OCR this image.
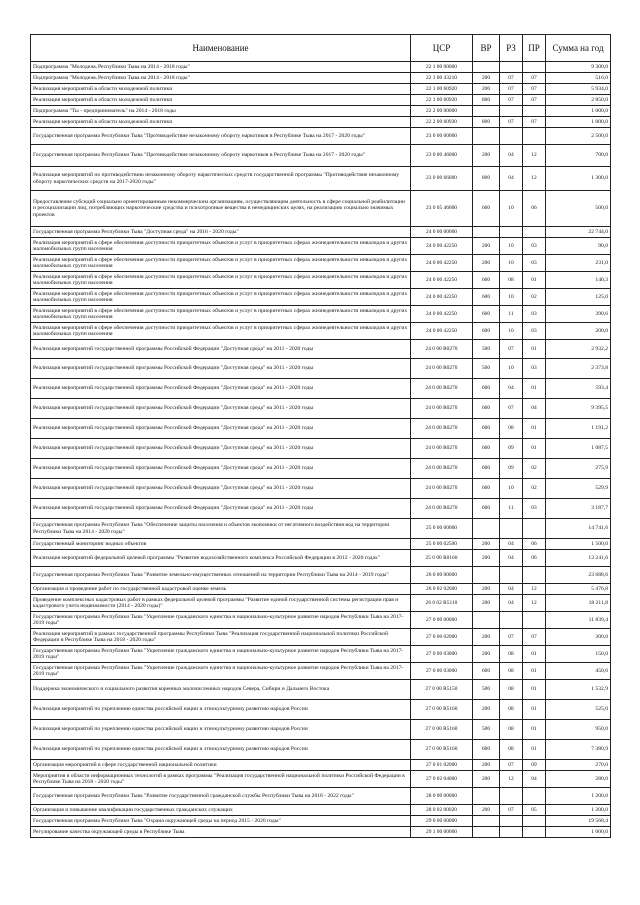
Наименование	ЦСР	ВР	РЗ	ПР	Сумма на год
Подпрограмма "Молодежь Республики Тыва на 2014 - 2018 годы"	22 1 00 00000				9 300,0
Подпрограмма "Молодежь Республики Тыва на 2014 - 2018 годы"	22 1 00 43210	200	07	07	516,0
Реализация мероприятий в области молодежной политики	22 1 00 60920	200	07	07	5 934,0
Реализация мероприятий в области молодежной политики	22 1 00 60920	800	07	07	2 850,0
Подпрограмма "Ты - предприниматель" на 2014 - 2018 годы	22 2 00 00000				1 000,0
Реализация мероприятий в области молодежной политики	22 2 00 60930	800	07	07	1 000,0
Государственная программа Республики Тыва "Противодействие незаконному обороту наркотиков в Республике Тыва на 2017 - 2020 годы"	23 0 00 00000				2 500,0
Государственная программа Республики Тыва "Противодействие незаконному обороту наркотиков в Республике Тыва на 2017 - 2020 годы"	23 0 00 46000	200	04	12	700,0
Реализация мероприятий по противодействию незаконному обороту наркотических средств государственной программы "Противодействие незаконному обороту наркотических средств на 2017-2020 годы"	23 0 00 66000	800	04	12	1 300,0
Предоставление субсидий социально ориентированным некоммерческим организациям, осуществляющим деятельность в сфере социальной реабилитации и ресоциализации лиц, потребляющих наркотические средства и психотропные вещества в немедицинских целях, на реализацию социально значимых проектов	23 0 05 46000	600	10	06	500,0
Государственная программа Республики Тыва "Доступная среда" на 2016 - 2020 годы"	24 0 00 00000				22 744,0
Реализация мероприятий в сфере обеспечения доступности приоритетных объектов и услуг в приоритетных сферах жизнедеятельности инвалидов и других маломобильных групп населения	24 0 00 42250	200	10	03	90,0
Реализация мероприятий в сфере обеспечения доступности приоритетных объектов и услуг в приоритетных сферах жизнедеятельности инвалидов и других маломобильных групп населения	24 0 00 42250	200	10	03	231,0
Реализация мероприятий в сфере обеспечения доступности приоритетных объектов и услуг в приоритетных сферах жизнедеятельности инвалидов и других маломобильных групп населения	24 0 00 42250	600	08	01	140,3
Реализация мероприятий в сфере обеспечения доступности приоритетных объектов и услуг в приоритетных сферах жизнедеятельности инвалидов и других маломобильных групп населения	24 0 00 42250	600	10	02	125,0
Реализация мероприятий в сфере обеспечения доступности приоритетных объектов и услуг в приоритетных сферах жизнедеятельности инвалидов и других маломобильных групп населения	24 0 00 42250	600	11	03	390,6
Реализация мероприятий в сфере обеспечения доступности приоритетных объектов и услуг в приоритетных сферах жизнедеятельности инвалидов и других маломобильных групп населения	24 0 00 42250	600	10	03	200,0
Реализация мероприятий государственной программы Российской Федерации "Доступная среда" на 2011 - 2020 годы	24 0 00 R0270	500	07	01	2 932,2
Реализация мероприятий государственной программы Российской Федерации "Доступная среда" на 2011 - 2020 годы	24 0 00 R0270	500	10	03	2 373,8
Реализация мероприятий государственной программы Российской Федерации "Доступная среда" на 2011 - 2020 годы	24 0 00 R0270	600	04	01	593,4
Реализация мероприятий государственной программы Российской Федерации "Доступная среда" на 2011 - 2020 годы	24 0 00 R0270	600	07	04	9 395,5
Реализация мероприятий государственной программы Российской Федерации "Доступная среда" на 2011 - 2020 годы	24 0 00 R0270	600	08	01	1 191,2
Реализация мероприятий государственной программы Российской Федерации "Доступная среда" на 2011 - 2020 годы	24 0 00 R0270	600	09	01	1 087,5
Реализация мероприятий государственной программы Российской Федерации "Доступная среда" на 2011 - 2020 годы	24 0 00 R0270	600	09	02	275,9
Реализация мероприятий государственной программы Российской Федерации "Доступная среда" на 2011 - 2020 годы	24 0 00 R0270	600	10	02	529,9
Реализация мероприятий государственной программы Российской Федерации "Доступная среда" на 2011 - 2020 годы	24 0 00 R0270	600	11	03	3 187,7
Государственная программа Республики Тыва "Обеспечение защиты населения и объектов экономики от негативного воздействия вод на территории Республики Тыва на 2014 - 2020 годы"	25 0 00 00000				14 741,6
Государственный мониторинг водных объектов	25 0 00 02500	200	04	06	1 500,0
Реализация мероприятий федеральной целевой программы "Развитие водохозяйственного комплекса Российской Федерации в 2012 - 2020 годах"	25 0 00 R0160	200	04	06	13 241,6
Государственная программа Республики Тыва "Развитие земельно-имущественных отношений на территории Республики Тыва на 2014 - 2019 годы"	26 0 00 00000				23 688,6
Организация и проведение работ по государственной кадастровой оценке земель	26 0 02 02600	200	04	12	5 476,8
Проведение комплексных кадастровых работ в рамках федеральной целевой программы "Развитие единой государственной системы регистрации прав и кадастрового учета недвижимости (2014 - 2020 годы)"	26 0 02 R5110	200	04	12	18 211,8
Государственная программа Республики Тыва "Укрепление гражданского единства и национально-культурное развитие народов Республики Тыва на 2017-2019 годы"	27 0 00 00000				11 839,4
Реализация мероприятий в рамках государственной программы Республики Тыва "Реализация государственной национальной политики Российской Федерации в Республике Тыва на 2018 - 2020 годы"	27 0 00 02000	200	07	07	300,0
Государственная программа Республики Тыва "Укрепление гражданского единства и национально-культурное развитие народов Республики Тыва на 2017-2019 годы"	27 0 00 03000	200	08	01	150,0
Государственная программа Республики Тыва "Укрепление гражданского единства и национально-культурное развитие народов Республики Тыва на 2017-2019 годы"	27 0 00 03000	600	08	01	450,6
Поддержка экономического и социального развития коренных малочисленных народов Севера, Сибири и Дальнего Востока	27 0 00 R5150	500	08	01	1 532,9
Реализация мероприятий по укреплению единства российской нации и этнокультурному развитию народов России	27 0 00 R5160	200	08	01	525,0
Реализация мероприятий по укреплению единства российской нации и этнокультурному развитию народов России	27 0 00 R5160	500	08	01	950,0
Реализация мероприятий по укреплению единства российской нации и этнокультурному развитию народов России	27 0 00 R5160	600	08	01	7 380,9
Организация мероприятий в сфере государственной национальной политики	27 0 01 02000	200	07	09	270,0
Мероприятия в области информационных технологий в рамках программы "Реализация государственной национальной политики Российской Федерации в Республике Тыва на 2018 - 2020 годы"	27 0 02 04000	200	12	04	280,0
Государственная программа Республики Тыва "Развитие государственной гражданской службы Республики Тыва на 2018 - 2022 годы"	28 0 00 00000				1 200,0
Организация и повышение квалификации государственных гражданских служащих	28 0 02 00020	200	07	05	1 200,0
Государственная программа Республики Тыва "Охрана окружающей среды на период 2015 - 2020 годы"	29 0 00 00000				19 568,4
Регулирование качества окружающей среды в Республике Тыва	29 1 00 00000				1 000,0
